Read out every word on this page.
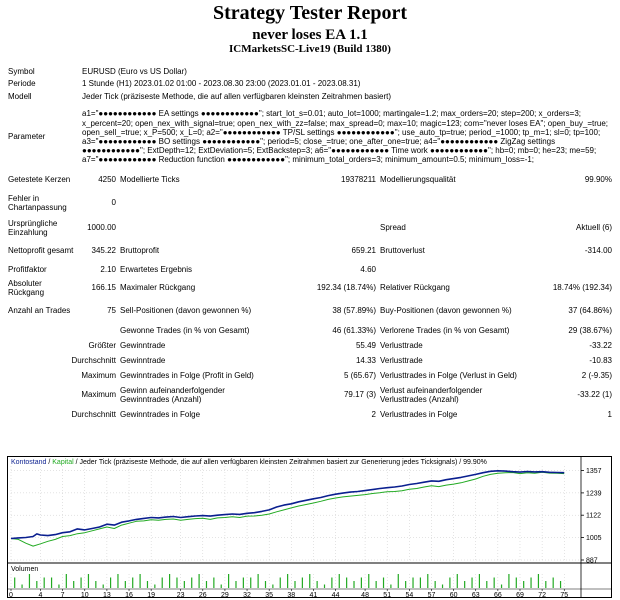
Strategy Tester Report
never loses EA 1.1
ICMarketsSC-Live19 (Build 1380)
Symbol	EURUSD (Euro vs US Dollar)				
Periode	1 Stunde (H1) 2023.01.02 01:00 - 2023.08.30 23:00 (2023.01.01 - 2023.08.31)				
Modell	Jeder Tick (präziseste Methode, die auf allen verfügbaren kleinsten Zeitrahmen basiert)				
Parameter	a1="●●●●●●●●●●●● EA settings ●●●●●●●●●●●●"; start_lot_s=0.01; auto_lot=1000; martingale=1.2; max_orders=20; step=200; x_orders=3; x_percent=20; open_nex_with_signal=true; open_nex_with_zz=false; max_spread=0; max=10; magic=123; com="never loses EA"; open_buy_=true; open_sell_=true; x_P=500; x_L=0; a2="●●●●●●●●●●●● TP/SL settings ●●●●●●●●●●●●"; use_auto_tp=true; period_=1000; tp_m=1; sl=0; tp=100; a3="●●●●●●●●●●●● BO settings ●●●●●●●●●●●●"; period=5; close_=true; one_after_one=true; a4="●●●●●●●●●●●● ZigZag settings ●●●●●●●●●●●●"; ExtDepth=12; ExtDeviation=5; ExtBackstep=3; a6="●●●●●●●●●●●● Time work ●●●●●●●●●●●●"; hb=0; mb=0; he=23; me=59; a7="●●●●●●●●●●●● Reduction function ●●●●●●●●●●●●"; minimum_total_orders=3; minimum_amount=0.5; minimum_loss=-1;				
Getestete Kerzen	4250	Modellierte Ticks	19378211	Modellierungsqualität	99.90%
Fehler in Chartanpassung	0				
Ursprüngliche Einzahlung	1000.00			Spread	Aktuell (6)
Nettoprofit gesamt	345.22	Bruttoprofit	659.21	Bruttoverlust	-314.00
Profitfaktor	2.10	Erwartetes Ergebnis	4.60		
Absoluter Rückgang	166.15	Maximaler Rückgang	192.34 (18.74%)	Relativer Rückgang	18.74% (192.34)
Anzahl an Trades	75	Sell-Positionen (davon gewonnen %)	38 (57.89%)	Buy-Positionen (davon gewonnen %)	37 (64.86%)
		Gewonne Trades (in % von Gesamt)	46 (61.33%)	Verlorene Trades (in % von Gesamt)	29 (38.67%)
Größter		Gewinntrade	55.49	Verlusttrade	-33.22
Durchschnitt		Gewinntrade	14.33	Verlusttrade	-10.83
Maximum		Gewinntrades in Folge (Profit in Geld)	5 (65.67)	Verlusttrades in Folge (Verlust in Geld)	2 (-9.35)
Maximum		Gewinn aufeinanderfolgender Gewinntrades (Anzahl)	79.17 (3)	Verlust aufeinanderfolgender Verlusttrades (Anzahl)	-33.22 (1)
Durchschnitt		Gewinntrades in Folge	2	Verlusttrades in Folge	1
Kontostand / Kapital / Jeder Tick (präziseste Methode, die auf allen verfügbaren kleinsten Zeitrahmen basiert zur Generierung jedes Ticksignals) / 99.90%
887
1005
1122
1239
1357
Volumen
0	4	7 10 13 16 19	23 26 29 32 35 38 41 44	48 51 54 57 60 63 66 69 72 75
